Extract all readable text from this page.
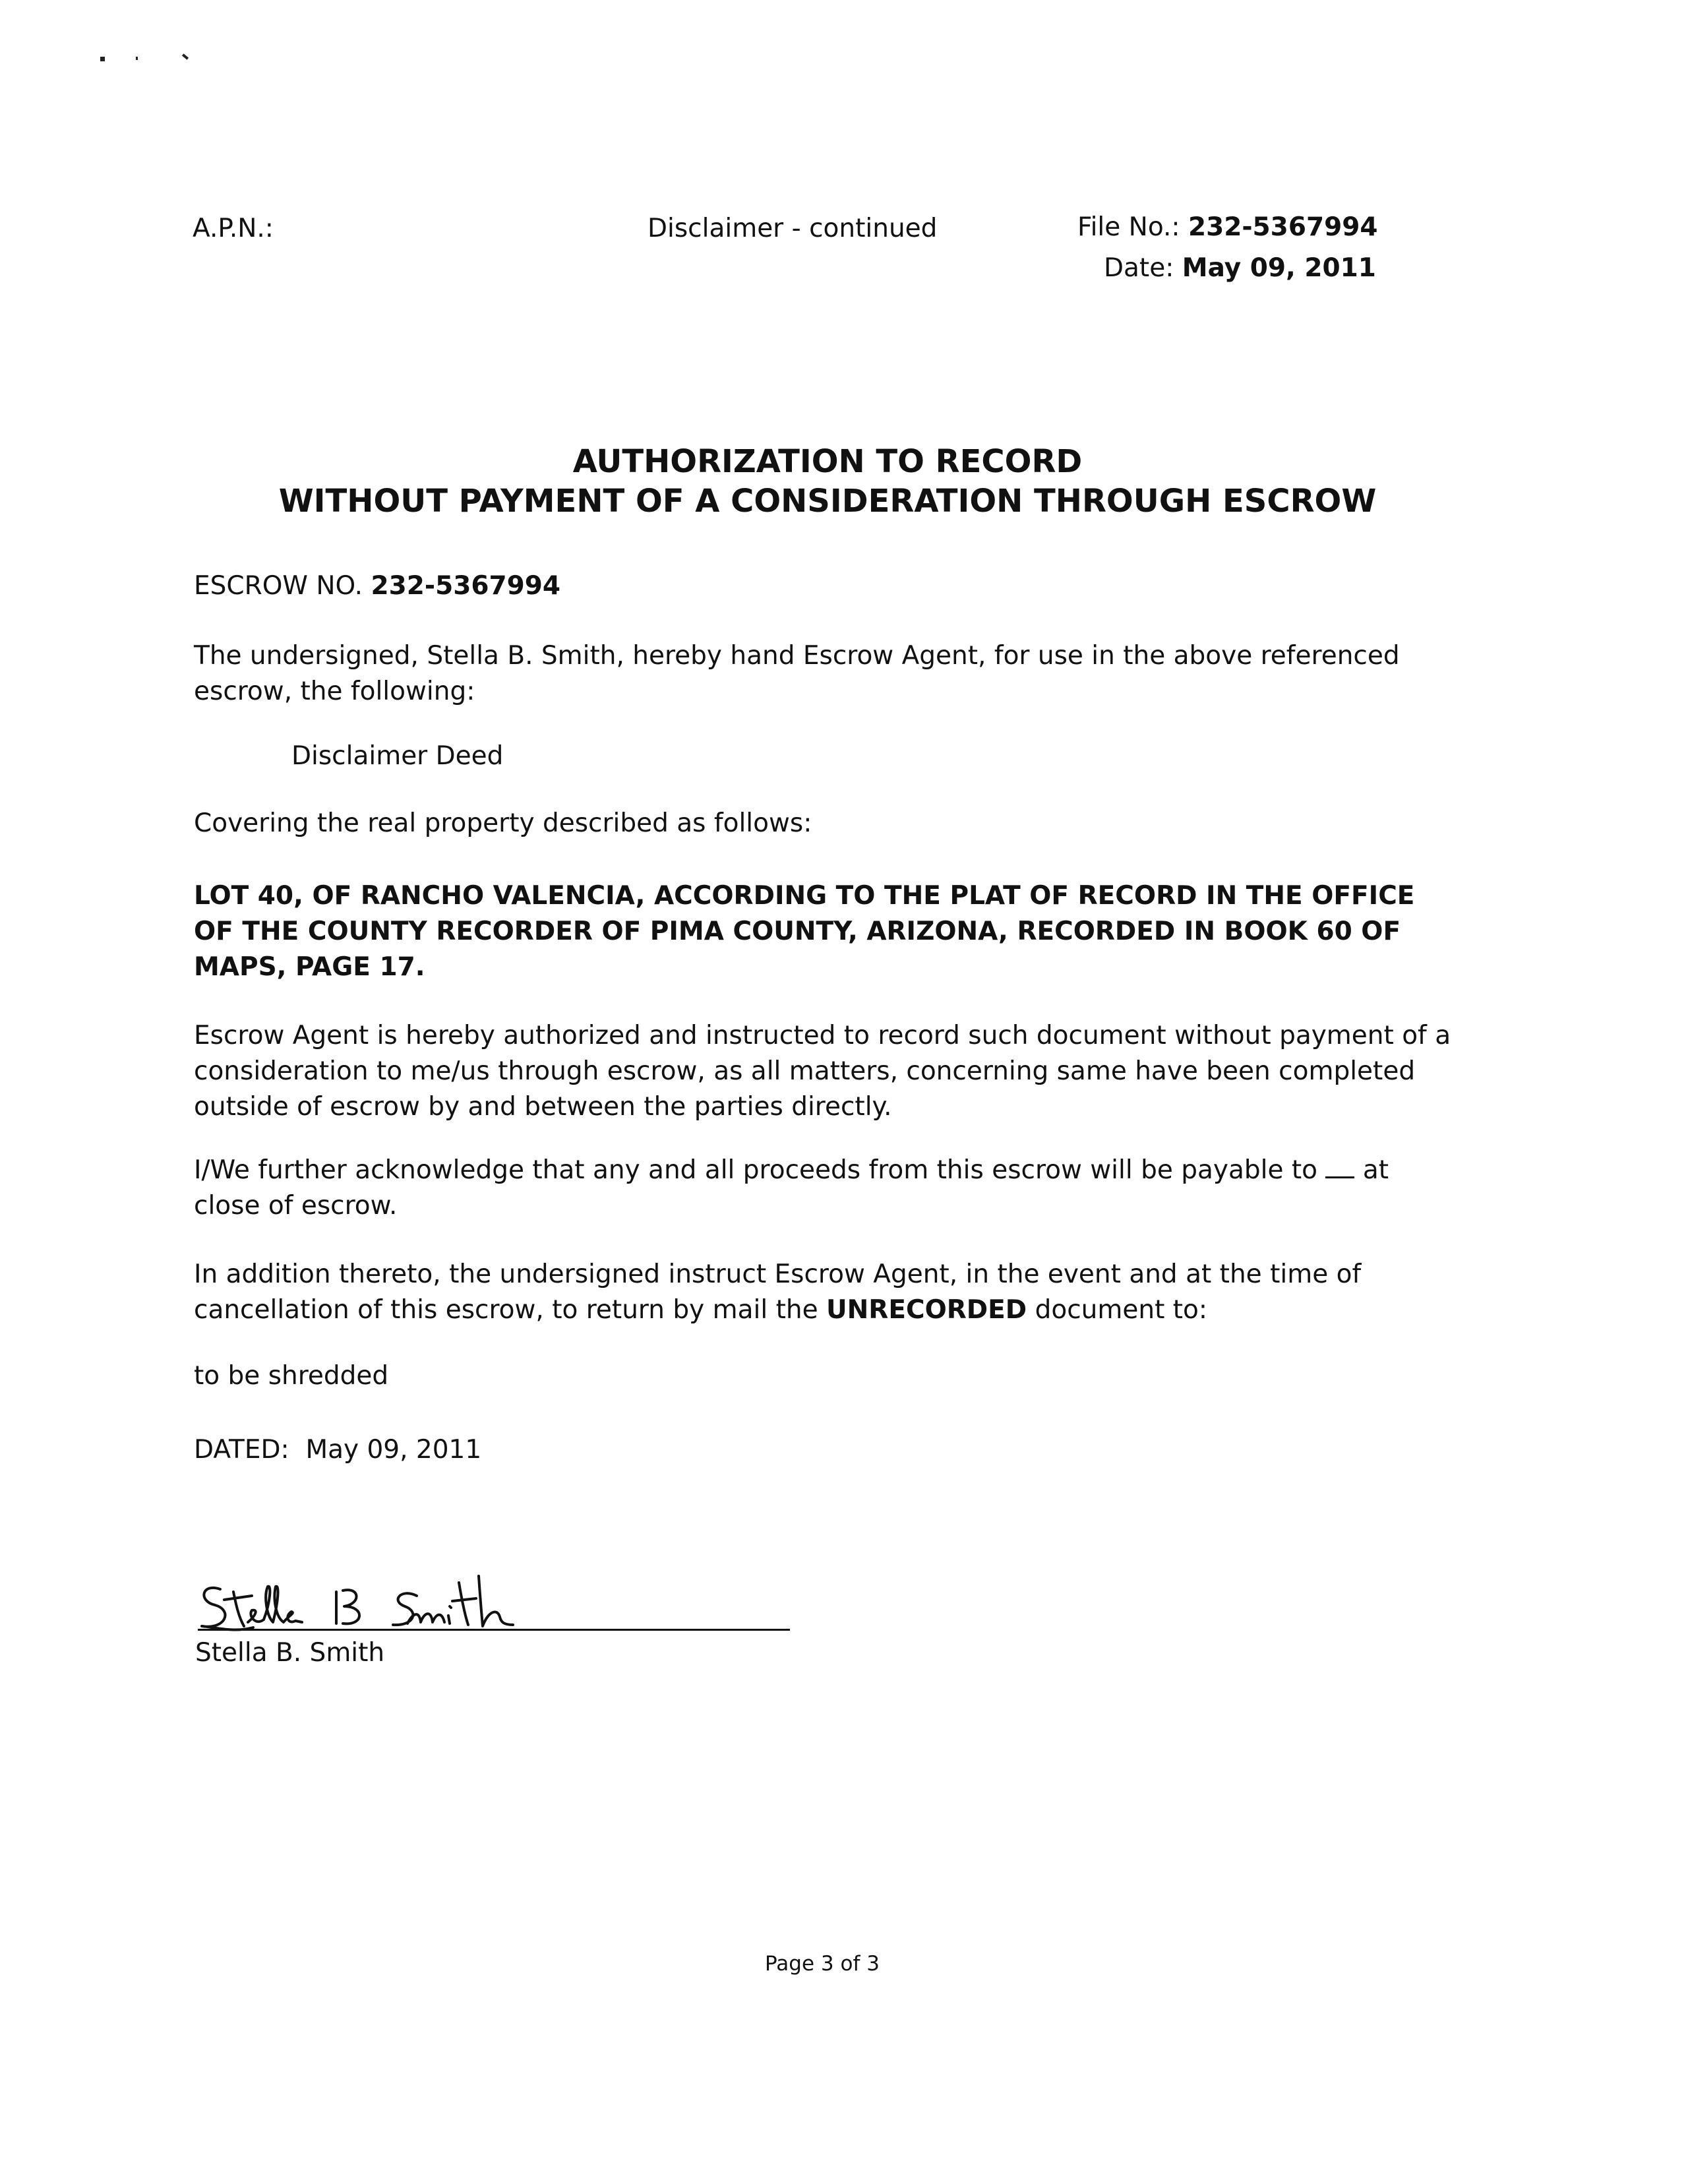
A.P.N.:	Disclaimer - continued	File No.: 232-5367994
Date: May 09, 2011
AUTHORIZATION TO RECORD
WITHOUT PAYMENT OF A CONSIDERATION THROUGH ESCROW
ESCROW NO. 232-5367994
The undersigned, Stella B. Smith, hereby hand Escrow Agent, for use in the above referenced escrow, the following:
Disclaimer Deed
Covering the real property described as follows:
LOT 40, OF RANCHO VALENCIA, ACCORDING TO THE PLAT OF RECORD IN THE OFFICE OF THE COUNTY RECORDER OF PIMA COUNTY, ARIZONA, RECORDED IN BOOK 60 OF MAPS, PAGE 17.
Escrow Agent is hereby authorized and instructed to record such document without payment of a consideration to me/us through escrow, as all matters, concerning same have been completed outside of escrow by and between the parties directly.
I/We further acknowledge that any and all proceeds from this escrow will be payable to at close of escrow.
In addition thereto, the undersigned instruct Escrow Agent, in the event and at the time of cancellation of this escrow, to return by mail the UNRECORDED document to:
to be shredded
DATED: May 09, 2011
Stella B. Smith
Page 3 of 3
